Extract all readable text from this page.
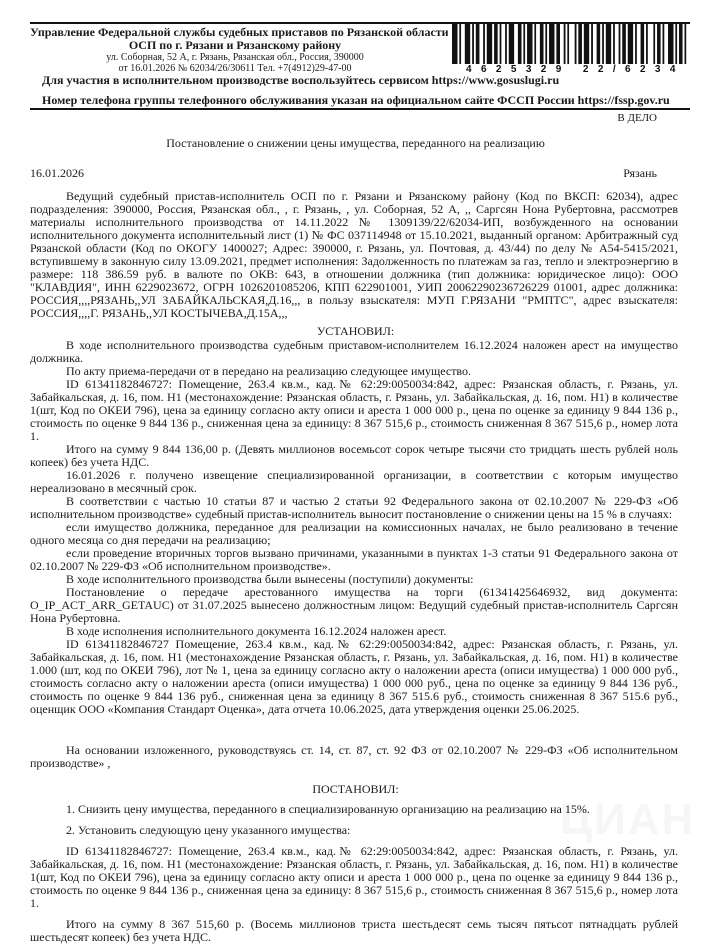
Управление Федеральной службы судебных приставов по Рязанской области
ОСП по г. Рязани и Рязанскому району
ул. Соборная, 52 А, г. Рязань, Рязанская обл., Россия, 390000
от 16.01.2026 № 62034/26/30611 Тел. +7(4912)29-47-00	4625329 22/6234
Для участия в исполнительном производстве воспользуйтесь сервисом https://www.gosuslugi.ru
Номер телефона группы телефонного обслуживания указан на официальном сайте ФССП России https://fssp.gov.ru
В ДЕЛО
Постановление о снижении цены имущества, переданного на реализацию
16.01.2026	Рязань

Ведущий судебный пристав-исполнитель ОСП по г. Рязани и Рязанскому району (Код по ВКСП: 62034), адрес подразделения: 390000, Россия, Рязанская обл., , г. Рязань, , ул. Соборная, 52 А, ,, Саргсян Нона Рубертовна, рассмотрев материалы исполнительного производства от 14.11.2022 № 1309139/22/62034-ИП, возбужденного на основании исполнительного документа исполнительный лист (1) № ФС 037114948 от 15.10.2021, выданный органом: Арбитражный суд Рязанской области (Код по ОКОГУ 1400027; Адрес: 390000, г. Рязань, ул. Почтовая, д. 43/44) по делу № А54-5415/2021, вступившему в законную силу 13.09.2021, предмет исполнения: Задолженность по платежам за газ, тепло и электроэнергию в размере: 118 386.59 руб. в валюте по ОКВ: 643, в отношении должника (тип должника: юридическое лицо): ООО "КЛАВДИЯ", ИНН 6229023672, ОГРН 1026201085206, КПП 622901001, УИП 20062290236726229 01001, адрес должника: РОССИЯ,,,,РЯЗАНЬ,,УЛ ЗАБАЙКАЛЬСКАЯ,Д.16,,, в пользу взыскателя: МУП Г.РЯЗАНИ "РМПТС", адрес взыскателя: РОССИЯ,,,,Г. РЯЗАНЬ,,УЛ КОСТЫЧЕВА,Д.15А,,,

УСТАНОВИЛ:

В ходе исполнительного производства судебным приставом-исполнителем 16.12.2024 наложен арест на имущество должника.

По акту приема-передачи от в передано на реализацию следующее имущество.

ID 61341182846727: Помещение, 263.4 кв.м., кад.№ 62:29:0050034:842, адрес: Рязанская область, г. Рязань, ул. Забайкальская, д. 16, пом. Н1 (местонахождение: Рязанская область, г. Рязань, ул. Забайкальская, д. 16, пом. Н1) в количестве 1(шт, Код по ОКЕИ 796), цена за единицу согласно акту описи и ареста 1 000 000 р., цена по оценке за единицу 9 844 136 р., стоимость по оценке 9 844 136 р., сниженная цена за единицу: 8 367 515,6 р., стоимость сниженная 8 367 515,6 р., номер лота 1.

Итого на сумму 9 844 136,00 р. (Девять миллионов восемьсот сорок четыре тысячи сто тридцать шесть рублей ноль копеек) без учета НДС.

16.01.2026 г. получено извещение специализированной организации, в соответствии с которым имущество нереализовано в месячный срок.

В соответствии с частью 10 статьи 87 и частью 2 статьи 92 Федерального закона от 02.10.2007 № 229-ФЗ «Об исполнительном производстве» судебный пристав-исполнитель выносит постановление о снижении цены на 15 % в случаях:

если имущество должника, переданное для реализации на комиссионных началах, не было реализовано в течение одного месяца со дня передачи на реализацию;

если проведение вторичных торгов вызвано причинами, указанными в пунктах 1-3 статьи 91 Федерального закона от 02.10.2007 № 229-ФЗ «Об исполнительном производстве».

В ходе исполнительного производства были вынесены (поступили) документы:

Постановление о передаче арестованного имущества на торги (61341425646932, вид документа: O_IP_ACT_ARR_GETAUC) от 31.07.2025 вынесено должностным лицом: Ведущий судебный пристав-исполнитель Саргсян Нона Рубертовна.

В ходе исполнения исполнительного документа 16.12.2024 наложен арест.

ID 61341182846727 Помещение, 263.4 кв.м., кад.№ 62:29:0050034:842, адрес: Рязанская область, г. Рязань, ул. Забайкальская, д. 16, пом. Н1 (местонахождение Рязанская область, г. Рязань, ул. Забайкальская, д. 16, пом. Н1) в количестве 1.000 (шт, код по ОКЕИ 796), лот № 1, цена за единицу согласно акту о наложении ареста (описи имущества) 1 000 000 руб., стоимость согласно акту о наложении ареста (описи имущества) 1 000 000 руб., цена по оценке за единицу 9 844 136 руб., стоимость по оценке 9 844 136 руб., сниженная цена за единицу 8 367 515.6 руб., стоимость сниженная 8 367 515.6 руб., оценщик ООО «Компания Стандарт Оценка», дата отчета 10.06.2025, дата утверждения оценки 25.06.2025.

На основании изложенного, руководствуясь ст. 14, ст. 87, ст. 92 ФЗ от 02.10.2007 № 229-ФЗ «Об исполнительном производстве» ,

ПОСТАНОВИЛ:

1. Снизить цену имущества, переданного в специализированную организацию на реализацию на 15%.

2. Установить следующую цену указанного имущества:

ID 61341182846727: Помещение, 263.4 кв.м., кад.№ 62:29:0050034:842, адрес: Рязанская область, г. Рязань, ул. Забайкальская, д. 16, пом. Н1 (местонахождение: Рязанская область, г. Рязань, ул. Забайкальская, д. 16, пом. Н1) в количестве 1(шт, Код по ОКЕИ 796), цена за единицу согласно акту описи и ареста 1 000 000 р., цена по оценке за единицу 9 844 136 р., стоимость по оценке 9 844 136 р., сниженная цена за единицу: 8 367 515,6 р., стоимость сниженная 8 367 515,6 р., номер лота 1.

Итого на сумму 8 367 515,60 р. (Восемь миллионов триста шестьдесят семь тысяч пятьсот пятнадцать рублей шестьдесят копеек) без учета НДС.
